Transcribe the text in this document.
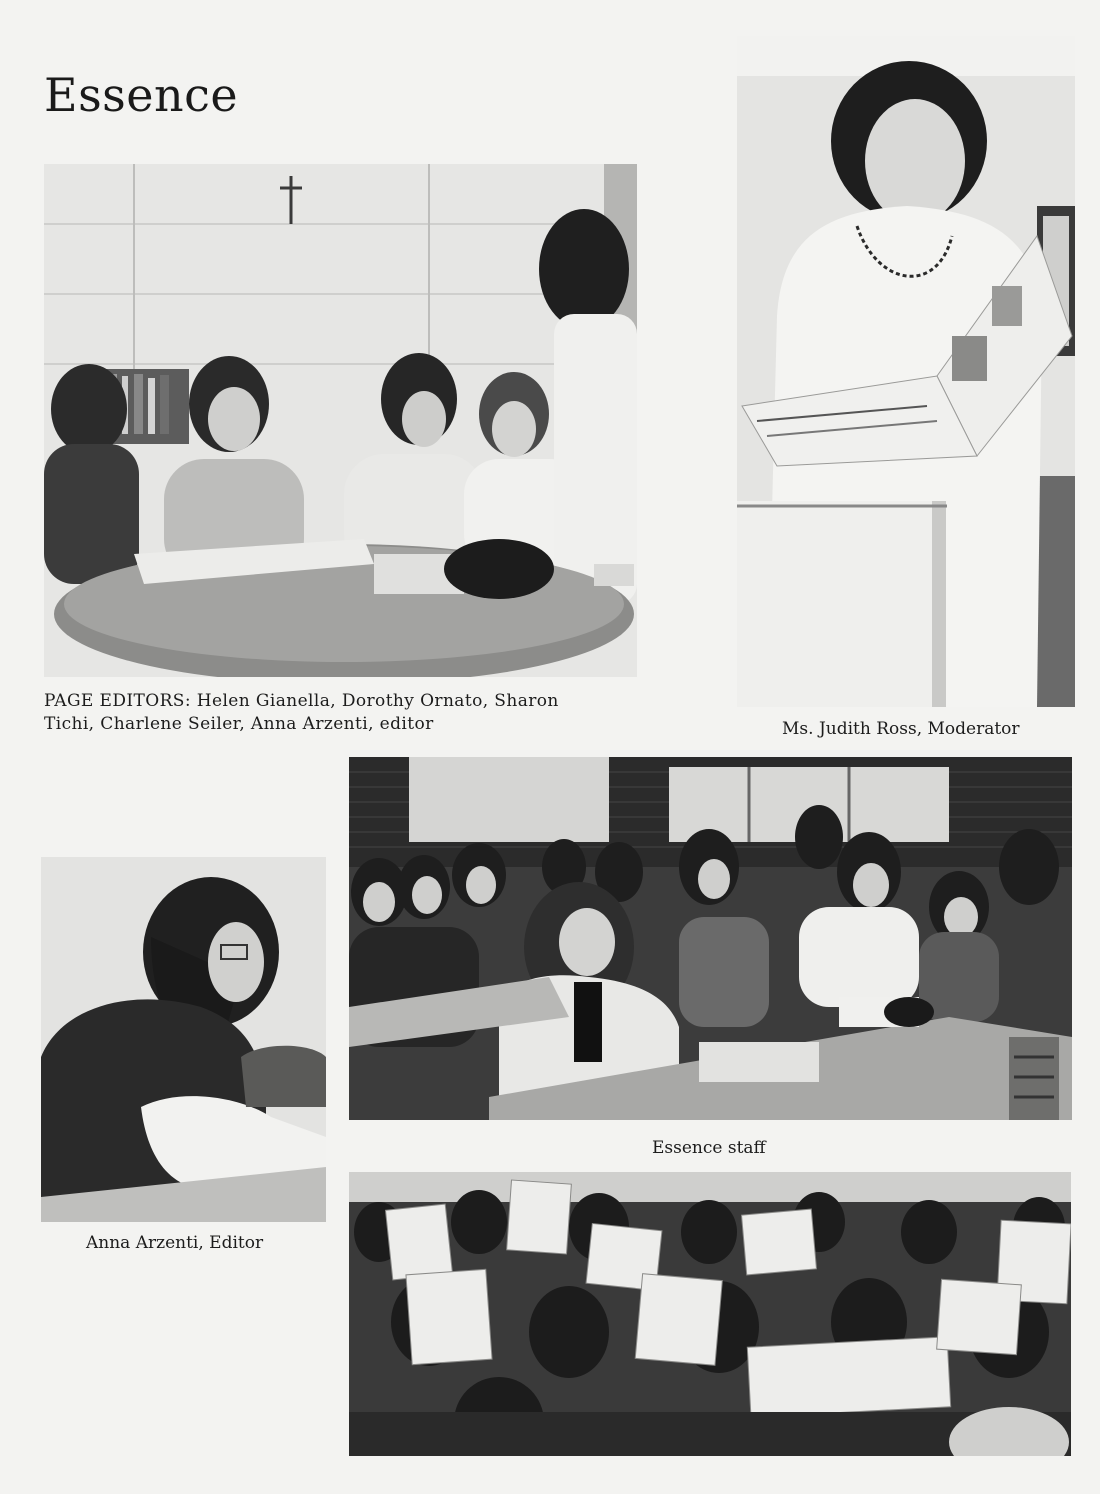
Essence
PAGE EDITORS: Helen Gianella, Dorothy Ornato, Sharon
Tichi, Charlene Seiler, Anna Arzenti, editor	Ms. Judith Ross, Moderator
Essence staff
Anna Arzenti, Editor
